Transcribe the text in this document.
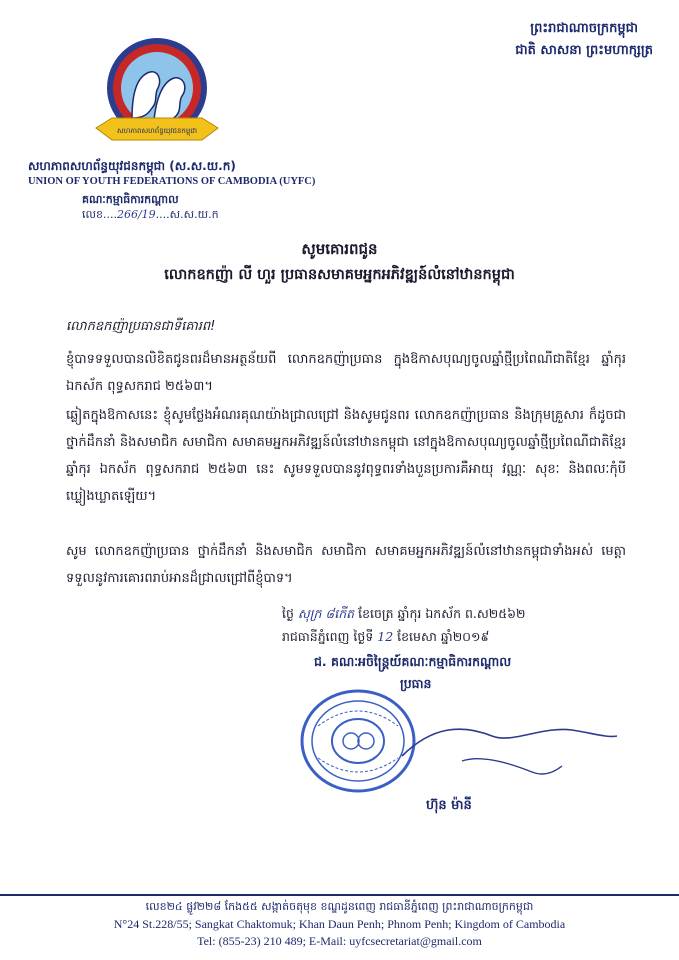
ព្រះរាជាណាចក្រកម្ពុជា
ជាតិ សាសនា ព្រះមហាក្សត្រ
សហភាពសហព័ន្ធយុវជនកម្ពុជា
សហភាពសហព័ន្ធយុវជនកម្ពុជា (ស.ស.យ.ក)
UNION OF YOUTH FEDERATIONS OF CAMBODIA (UYFC)
គណៈកម្មាធិការកណ្តាល
លេខ....266/19....ស.ស.យ.ក
សូមគោរពជូន
លោកឧកញ៉ា លី ហួរ ប្រធានសមាគមអ្នកអភិវឌ្ឍន៍លំនៅឋានកម្ពុជា
លោកឧកញ៉ាប្រធានជាទីគោរព!
ខ្ញុំបាទទទួលបានលិខិតជូនពរដ៏មានអត្ថន័យពី លោកឧកញ៉ាប្រធាន ក្នុងឱកាសបុណ្យចូលឆ្នាំថ្មីប្រពៃណីជាតិខ្មែរ ឆ្នាំកុរ ឯកស័ក ពុទ្ធសករាជ ២៥៦៣។
ឆ្លៀតក្នុងឱកាសនេះ ខ្ញុំសូមថ្លែងអំណរគុណយ៉ាងជ្រាលជ្រៅ និងសូមជូនពរ លោកឧកញ៉ាប្រធាន និងក្រុមគ្រួសារ ក៏ដូចជាថ្នាក់ដឹកនាំ និងសមាជិក សមាជិកា សមាគមអ្នកអភិវឌ្ឍន៍លំនៅឋានកម្ពុជា នៅក្នុងឱកាសបុណ្យចូលឆ្នាំថ្មីប្រពៃណីជាតិខ្មែរ ឆ្នាំកុរ ឯកស័ក ពុទ្ធសករាជ ២៥៦៣ នេះ សូមទទួលបាននូវពុទ្ធពរទាំងបួនប្រការគឺអាយុ វណ្ណៈ សុខៈ និងពលៈកុំបីឃ្លៀងឃ្លាតឡើយ។
សូម លោកឧកញ៉ាប្រធាន ថ្នាក់ដឹកនាំ និងសមាជិក សមាជិកា សមាគមអ្នកអភិវឌ្ឍន៍លំនៅឋានកម្ពុជាទាំងអស់ មេត្តាទទួលនូវការគោរពរាប់អានដ៏ជ្រាលជ្រៅពីខ្ញុំបាទ។
ថ្ងៃ សុក្រ ៨កើត ខែចេត្រ ឆ្នាំកុរ ឯកស័ក ព.ស២៥៦២
រាជធានីភ្នំពេញ ថ្ងៃទី 12 ខែមេសា ឆ្នាំ២០១៩
ជ. គណៈអចិន្ត្រៃយ៍គណៈកម្មាធិការកណ្តាល
ប្រធាន
ហ៊ុន ម៉ានី
លេខ២៤ ផ្លូវ២២៨ កែង៥៥ សង្កាត់ចតុមុខ ខណ្ឌដូនពេញ រាជធានីភ្នំពេញ ព្រះរាជាណាចក្រកម្ពុជា
N°24 St.228/55; Sangkat Chaktomuk; Khan Daun Penh; Phnom Penh; Kingdom of Cambodia
Tel: (855-23) 210 489; E-Mail: uyfcsecretariat@gmail.com
